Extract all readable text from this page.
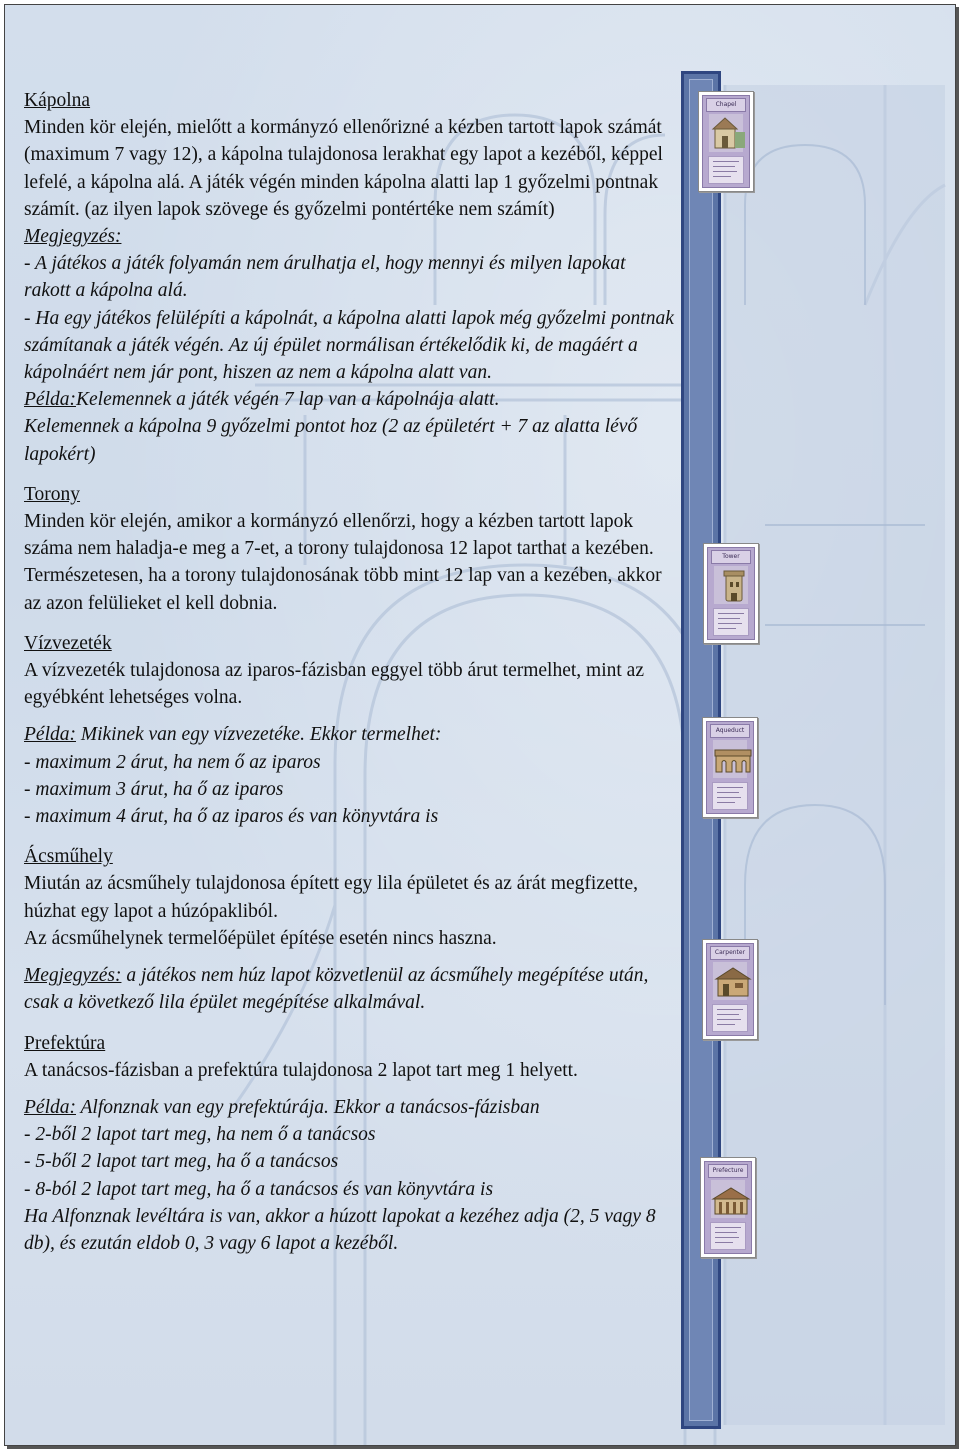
Chapel
Tower
Aqueduct
Carpenter
Prefecture

Kápolna

Minden kör elején, mielőtt a kormányzó ellenőrizné a kézben tartott lapok számát (maximum 7 vagy 12), a kápolna tulajdonosa lerakhat egy lapot a kezéből, képpel lefelé, a kápolna alá. A játék végén minden kápolna alatti lap 1 győzelmi pontnak számít. (az ilyen lapok szövege és győzelmi pontértéke nem számít)

Megjegyzés:

- A játékos a játék folyamán nem árulhatja el, hogy mennyi és milyen lapokat rakott a kápolna alá.

- Ha egy játékos felülépíti a kápolnát, a kápolna alatti lapok még győzelmi pontnak számítanak a játék végén. Az új épület normálisan értékelődik ki, de magáért a kápolnáért nem jár pont, hiszen az nem a kápolna alatt van.

Példa:Kelemennek a játék végén 7 lap van a kápolnája alatt.

Kelemennek a kápolna 9 győzelmi pontot hoz (2 az épületért + 7 az alatta lévő lapokért)

Torony

Minden kör elején, amikor a kormányzó ellenőrzi, hogy a kézben tartott lapok száma nem haladja-e meg a 7-et, a torony tulajdonosa 12 lapot tarthat a kezében. Természetesen, ha a torony tulajdonosának több mint 12 lap van a kezében, akkor az azon felülieket el kell dobnia.

Vízvezeték

A vízvezeték tulajdonosa az iparos-fázisban eggyel több árut termelhet, mint az egyébként lehetséges volna.

Példa: Mikinek van egy vízvezetéke. Ekkor termelhet:

- maximum 2 árut, ha nem ő az iparos

- maximum 3 árut, ha ő az iparos

- maximum 4 árut, ha ő az iparos és van könyvtára is

Ácsműhely

Miután az ácsműhely tulajdonosa épített egy lila épületet és az árát megfizette, húzhat egy lapot a húzópakliból.

Az ácsműhelynek termelőépület építése esetén nincs haszna.

Megjegyzés: a játékos nem húz lapot közvetlenül az ácsműhely megépítése után, csak a következő lila épület megépítése alkalmával.

Prefektúra

A tanácsos-fázisban a prefektúra tulajdonosa 2 lapot tart meg 1 helyett.

Példa: Alfonznak van egy prefektúrája. Ekkor a tanácsos-fázisban

- 2-ből 2 lapot tart meg, ha nem ő a tanácsos

- 5-ből 2 lapot tart meg, ha ő a tanácsos

- 8-ból 2 lapot tart meg, ha ő a tanácsos és van könyvtára is

Ha Alfonznak levéltára is van, akkor a húzott lapokat a kezéhez adja (2, 5 vagy 8 db), és ezután eldob 0, 3 vagy 6 lapot a kezéből.
